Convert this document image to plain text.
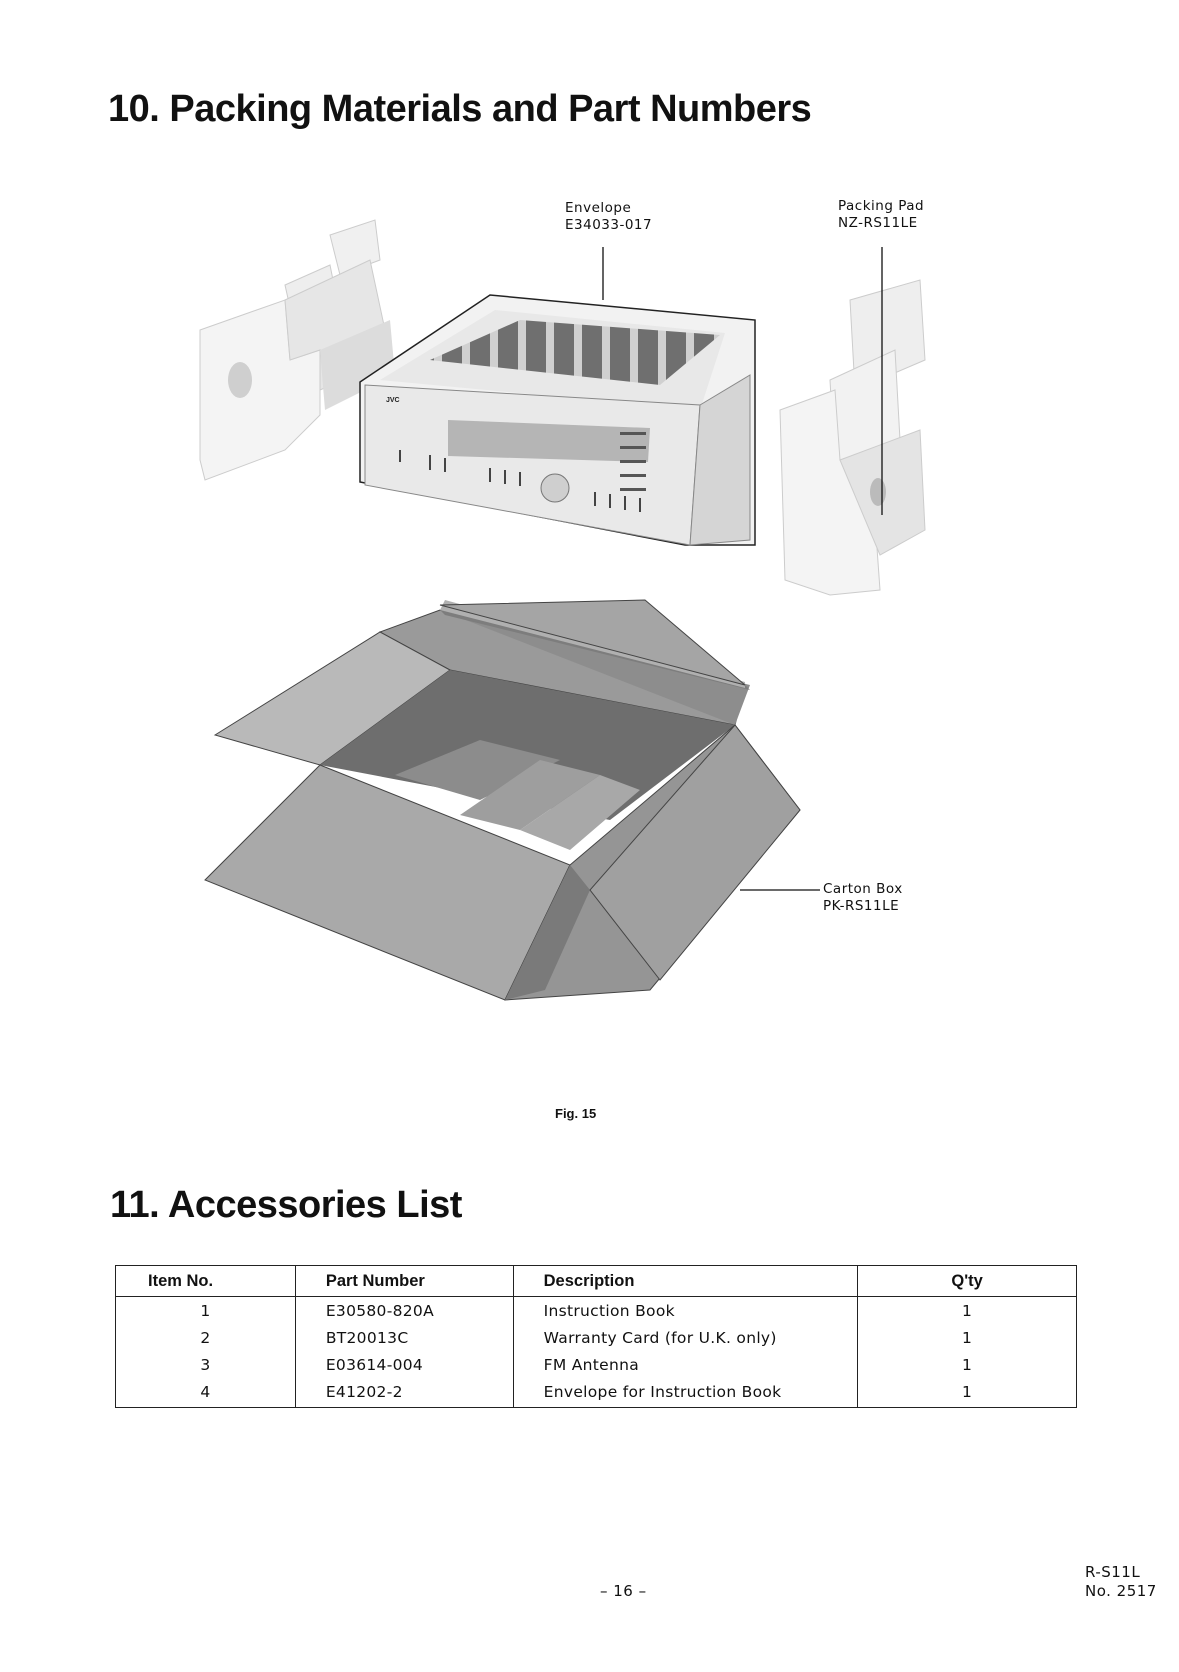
10. Packing Materials and Part Numbers
JVC
Envelope
E34033-017
Packing Pad
NZ-RS11LE
Carton Box
PK-RS11LE
Fig. 15
11. Accessories List
Item No.	Part Number	Description	Q'ty
1	E30580-820A	Instruction Book	1
2	BT20013C	Warranty Card (for U.K. only)	1
3	E03614-004	FM Antenna	1
4	E41202-2	Envelope for Instruction Book	1
– 16 –
R-S11L
No. 2517
